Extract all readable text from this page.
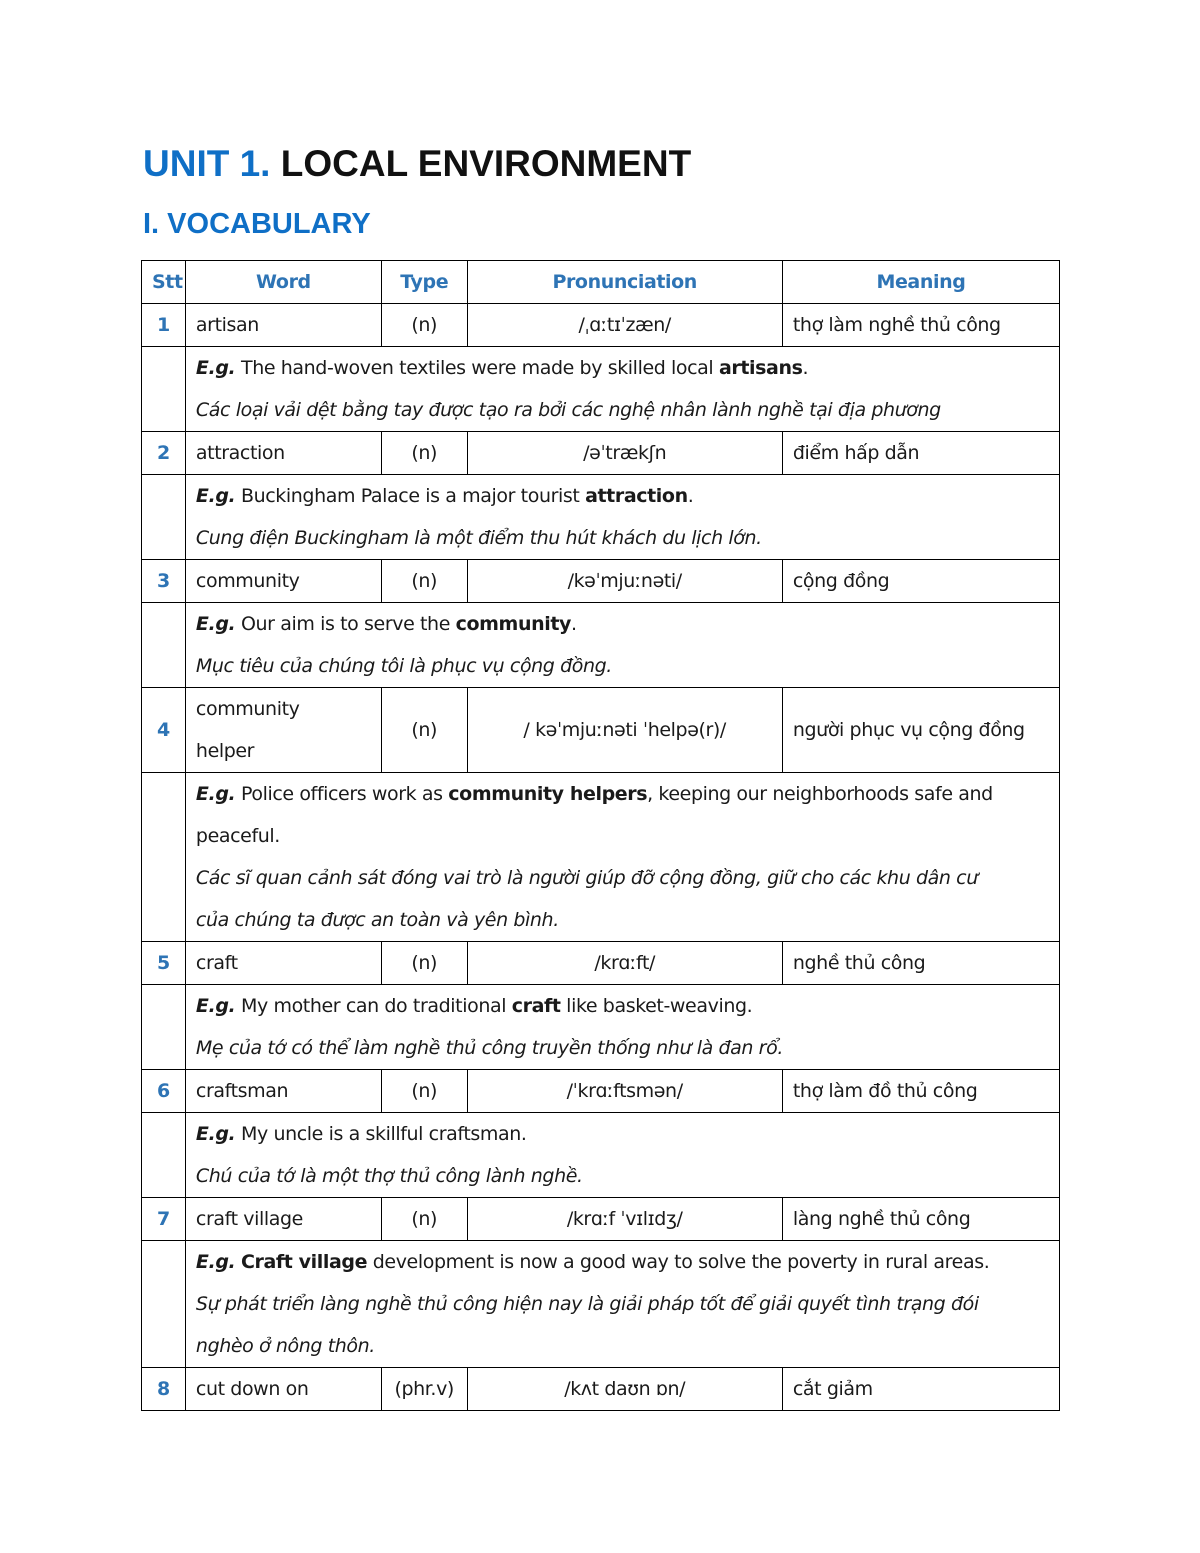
UNIT 1. LOCAL ENVIRONMENT
I. VOCABULARY
Stt	Word	Type	Pronunciation	Meaning
1	artisan	(n)	/ˌɑːtɪˈzæn/	thợ làm nghề thủ công

	E.g. The hand-woven textiles were made by skilled local artisans.
Các loại vải dệt bằng tay được tạo ra bởi các nghệ nhân lành nghề tại địa phương			

2	attraction	(n)	/əˈtrækʃn	điểm hấp dẫn

	E.g. Buckingham Palace is a major tourist attraction.
Cung điện Buckingham là một điểm thu hút khách du lịch lớn.			

3	community	(n)	/kəˈmjuːnəti/	cộng đồng

	E.g. Our aim is to serve the community.
Mục tiêu của chúng tôi là phục vụ cộng đồng.			

4	community
helper	(n)	/ kəˈmjuːnəti ˈhelpə(r)/	người phục vụ cộng đồng

	E.g. Police officers work as community helpers, keeping our neighborhoods safe and
peaceful.
Các sĩ quan cảnh sát đóng vai trò là người giúp đỡ cộng đồng, giữ cho các khu dân cư
của chúng ta được an toàn và yên bình.			

5	craft	(n)	/krɑːft/	nghề thủ công

	E.g. My mother can do traditional craft like basket-weaving.
Mẹ của tớ có thể làm nghề thủ công truyền thống như là đan rổ.			

6	craftsman	(n)	/ˈkrɑːftsmən/	thợ làm đồ thủ công

	E.g. My uncle is a skillful craftsman.
Chú của tớ là một thợ thủ công lành nghề.			

7	craft village	(n)	/krɑːf ˈvɪlɪdʒ/	làng nghề thủ công

	E.g. Craft village development is now a good way to solve the poverty in rural areas.
Sự phát triển làng nghề thủ công hiện nay là giải pháp tốt để giải quyết tình trạng đói
nghèo ở nông thôn.			

8	cut down on	(phr.v)	/kʌt daʊn ɒn/	cắt giảm
